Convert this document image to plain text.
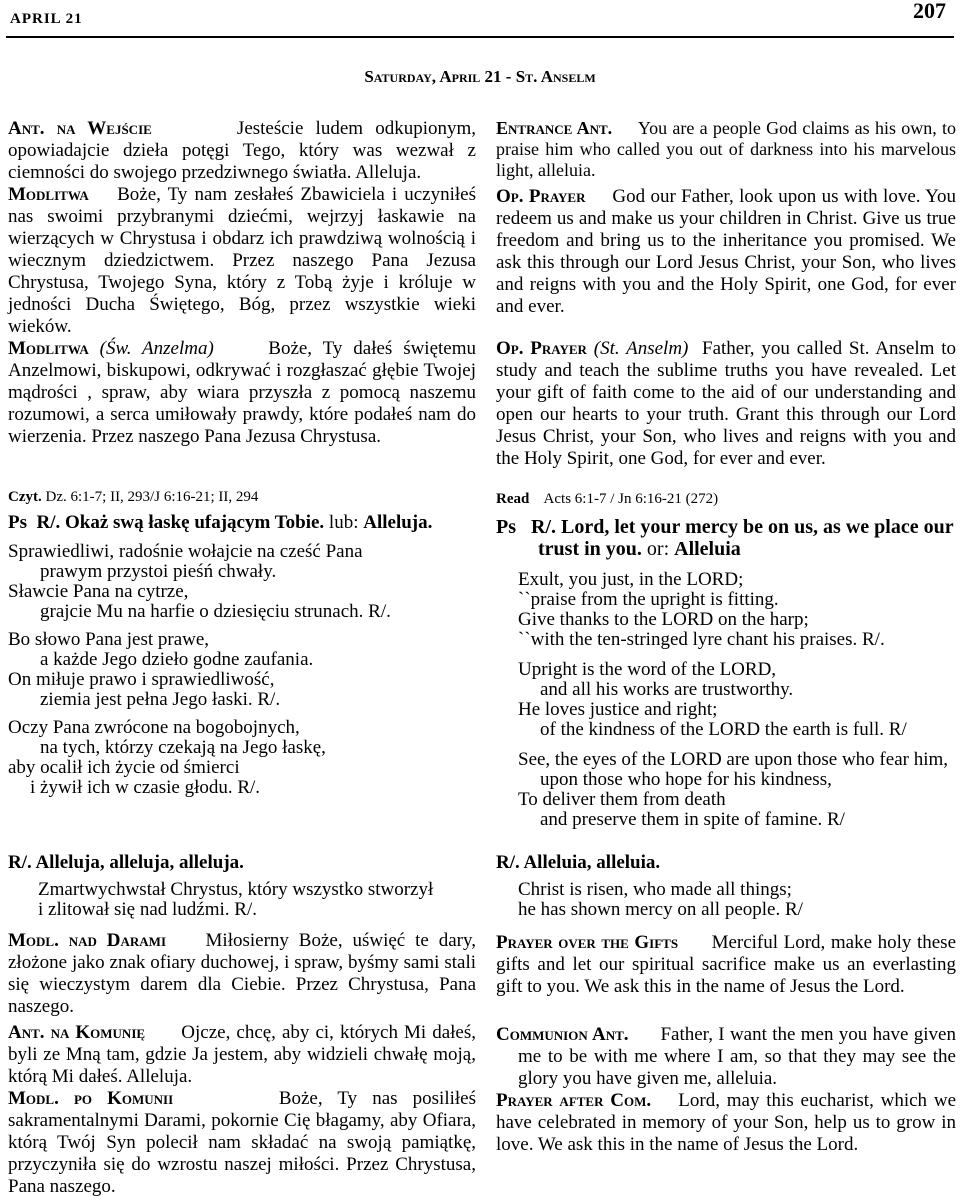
APRIL 21	207
Saturday, April 21 - St. Anselm

Ant. na Wejście	Jesteście ludem odkupionym, opowiadajcie dzieła potęgi Tego, który was wezwał z ciemności do swojego przedziwnego światła. Alleluja.

Modlitwa Boże, Ty nam zesłałeś Zbawiciela i uczyniłeś nas swoimi przybranymi dziećmi, wejrzyj łaskawie na wierzących w Chrystusa i obdarz ich prawdziwą wolnością i wiecznym dziedzictwem. Przez naszego Pana Jezusa Chrystusa, Twojego Syna, który z Tobą żyje i króluje w jedności Ducha Świętego, Bóg, przez wszystkie wieki wieków.

Modlitwa (Św. Anzelma)	Boże, Ty dałeś świętemu Anzelmowi, biskupowi, odkrywać i rozgłaszać głębie Twojej mądrości , spraw, aby wiara przyszła z pomocą naszemu rozumowi, a serca umiłowały prawdy, które podałeś nam do wierzenia. Przez naszego Pana Jezusa Chrystusa.

Czyt. Dz. 6:1-7; II, 293/J 6:16-21; II, 294

Ps R/. Okaż swą łaskę ufającym Tobie. lub: Alleluja.
Sprawiedliwi, radośnie wołajcie na cześć Pana
prawym przystoi pieśń chwały.
Sławcie Pana na cytrze,
grajcie Mu na harfie o dziesięciu strunach. R/.
Bo słowo Pana jest prawe,
a każde Jego dzieło godne zaufania.
On miłuje prawo i sprawiedliwość,
ziemia jest pełna Jego łaski. R/.
Oczy Pana zwrócone na bogobojnych,
na tych, którzy czekają na Jego łaskę,
aby ocalił ich życie od śmierci
i żywił ich w czasie głodu. R/.
R/. Alleluja, alleluja, alleluja.
Zmartwychwstał Chrystus, który wszystko stworzył
i zlitował się nad ludźmi. R/.

Modl. nad Darami Miłosierny Boże, uświęć te dary, złożone jako znak ofiary duchowej, i spraw, byśmy sami stali się wieczystym darem dla Ciebie. Przez Chrystusa, Pana naszego.

Ant. na Komunię Ojcze, chcę, aby ci, których Mi dałeś, byli ze Mną tam, gdzie Ja jestem, aby widzieli chwałę moją, którą Mi dałeś. Alleluja.

Modl. po Komunii	Boże, Ty nas posiliłeś sakramentalnymi Darami, pokornie Cię błagamy, aby Ofiara, którą Twój Syn polecił nam składać na swoją pamiątkę, przyczyniła się do wzrostu naszej miłości. Przez Chrystusa, Pana naszego.

Entrance Ant. You are a people God claims as his own, to praise him who called you out of darkness into his marvelous light, alleluia.

Op. Prayer God our Father, look upon us with love. You redeem us and make us your children in Christ. Give us true freedom and bring us to the inheritance you promised. We ask this through our Lord Jesus Christ, your Son, who lives and reigns with you and the Holy Spirit, one God, for ever and ever.

Op. Prayer (St. Anselm) Father, you called St. Anselm to study and teach the sublime truths you have revealed. Let your gift of faith come to the aid of our understanding and open our hearts to your truth. Grant this through our Lord Jesus Christ, your Son, who lives and reigns with you and the Holy Spirit, one God, for ever and ever.

Read Acts 6:1-7 / Jn 6:16-21 (272)

Ps R/. Lord, let your mercy be on us, as we place our trust in you. or: Alleluia
Exult, you just, in the LORD;
``praise from the upright is fitting.
Give thanks to the LORD on the harp;
``with the ten-stringed lyre chant his praises. R/.
Upright is the word of the LORD,
and all his works are trustworthy.
He loves justice and right;
of the kindness of the LORD the earth is full. R/
See, the eyes of the LORD are upon those who fear him,
upon those who hope for his kindness,
To deliver them from death
and preserve them in spite of famine. R/
R/. Alleluia, alleluia.
Christ is risen, who made all things;
he has shown mercy on all people. R/

Prayer over the Gifts Merciful Lord, make holy these gifts and let our spiritual sacrifice make us an everlasting gift to you. We ask this in the name of Jesus the Lord.

Communion Ant. Father, I want the men you have given me to be with me where I am, so that they may see the glory you have given me, alleluia.

Prayer after Com. Lord, may this eucharist, which we have celebrated in memory of your Son, help us to grow in love. We ask this in the name of Jesus the Lord.
